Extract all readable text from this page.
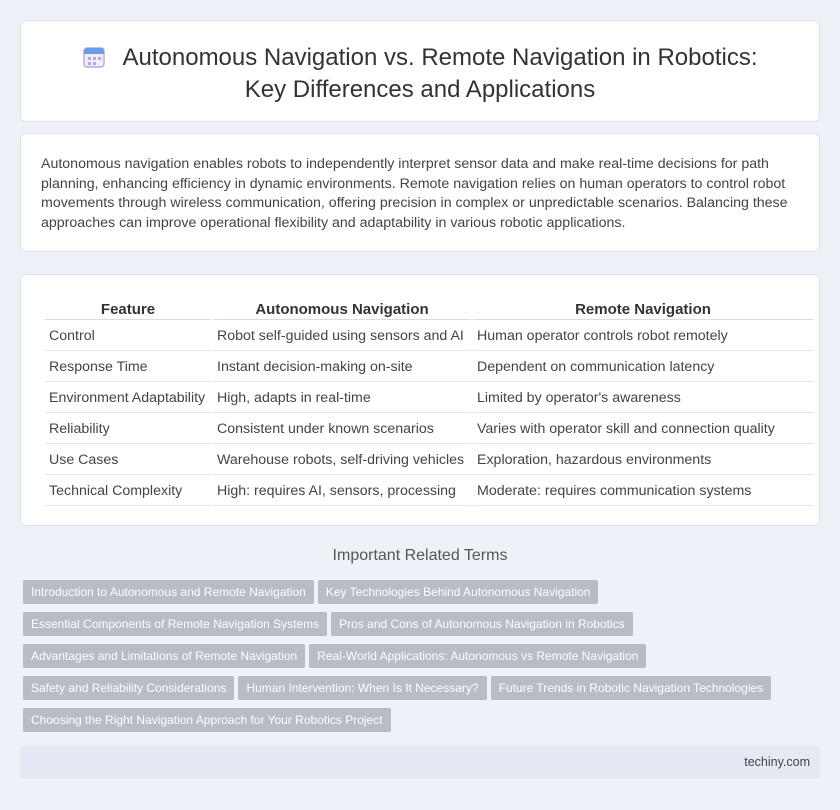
Autonomous Navigation vs. Remote Navigation in Robotics: Key Differences and Applications

Autonomous navigation enables robots to independently interpret sensor data and make real-time decisions for path planning, enhancing efficiency in dynamic environments. Remote navigation relies on human operators to control robot movements through wireless communication, offering precision in complex or unpredictable scenarios. Balancing these approaches can improve operational flexibility and adaptability in various robotic applications.

Feature	Autonomous Navigation	Remote Navigation
Control	Robot self-guided using sensors and AI	Human operator controls robot remotely
Response Time	Instant decision-making on-site	Dependent on communication latency
Environment Adaptability	High, adapts in real-time	Limited by operator's awareness
Reliability	Consistent under known scenarios	Varies with operator skill and connection quality
Use Cases	Warehouse robots, self-driving vehicles	Exploration, hazardous environments
Technical Complexity	High: requires AI, sensors, processing	Moderate: requires communication systems
Important Related Terms
Introduction to Autonomous and Remote Navigation Key Technologies Behind Autonomous Navigation
Essential Components of Remote Navigation Systems Pros and Cons of Autonomous Navigation in Robotics
Advantages and Limitations of Remote Navigation Real-World Applications: Autonomous vs Remote Navigation
Safety and Reliability Considerations Human Intervention: When Is It Necessary? Future Trends in Robotic Navigation Technologies
Choosing the Right Navigation Approach for Your Robotics Project
techiny.com
